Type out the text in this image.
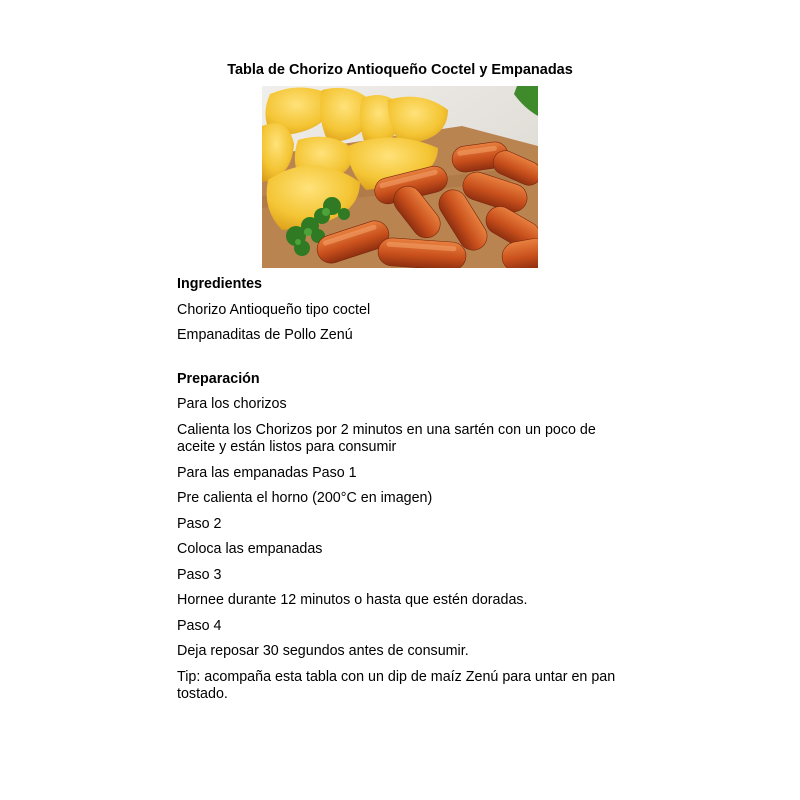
Tabla de Chorizo Antioqueño Coctel y Empanadas

Ingredientes

Chorizo Antioqueño tipo coctel

Empanaditas de Pollo Zenú

Preparación

Para los chorizos

Calienta los Chorizos por 2 minutos en una sartén con un poco de aceite y están listos para consumir

Para las empanadas Paso 1

Pre calienta el horno (200°C en imagen)

Paso 2

Coloca las empanadas

Paso 3

Hornee durante 12 minutos o hasta que estén doradas.

Paso 4

Deja reposar 30 segundos antes de consumir.

Tip: acompaña esta tabla con un dip de maíz Zenú para untar en pan tostado.
